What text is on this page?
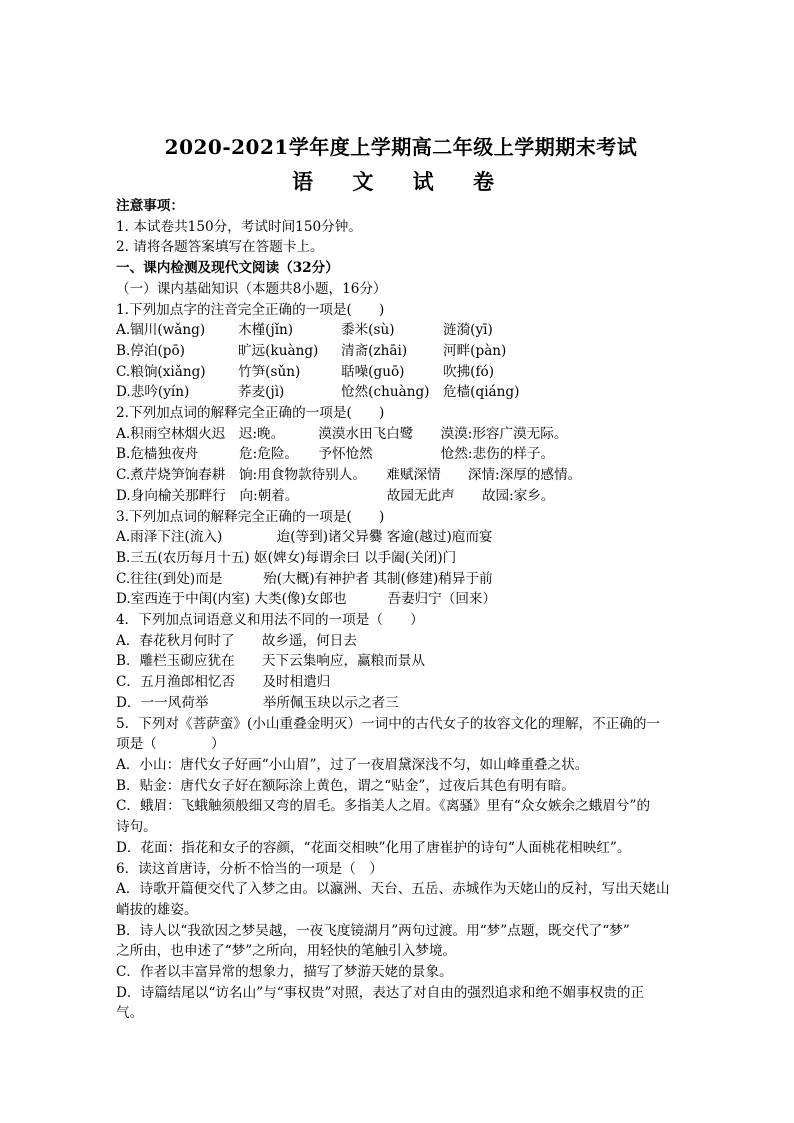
2020-2021学年度上学期高二年级上学期期末考试
语 文 试 卷
注意事项：
1. 本试卷共150分，考试时间150分钟。
2. 请将各题答案填写在答题卡上。
一、课内检测及现代文阅读（32分）
（一）课内基础知识（本题共8小题，16分）
1.下列加点字的注音完全正确的一项是(　　)
A.锢川(wǎng)	木槿(jǐn)	黍米(sù)	涟漪(yī)
B.停泊(pō)	旷远(kuàng)	清斋(zhāi)	河畔(pàn)
C.粮饷(xiǎng)	竹笋(sǔn)	聒噪(guō)	吹拂(fó)
D.悲吟(yín)	荞麦(jì)	怆然(chuàng) 危樯(qiáng)
2.下列加点词的解释完全正确的一项是(　　)
A.积雨空林烟火迟　迟:晚。　　　漠漠水田飞白鹭　　漠漠:形容广漠无际。
B.危樯独夜舟　　　危:危险。　　予怀怆然　　　　　怆然:悲伤的样子。
C.煮芹烧笋饷春耕　饷:用食物款待别人。　　难赋深情　　深情:深厚的感情。
D.身向榆关那畔行　向:朝着。　　　　　　　故园无此声　　故园:家乡。
3.下列加点词的解释完全正确的一项是(　　)
A.雨泽下注(流入)　　　　迨(等到)诸父异爨 客逾(越过)庖而宴
B.三五(农历每月十五) 妪(婢女)每谓余曰 以手阖(关闭)门
C.往往(到处)而是　　　殆(大概)有神护者 其制(修建)稍异于前
D.室西连于中闺(内室) 大类(像)女郎也　　　吾妻归宁（回来）
4．下列加点词语意义和用法不同的一项是（　　）
A．春花秋月何时了　　故乡遥，何日去
B．雕栏玉砌应犹在　　天下云集响应，赢粮而景从
C．五月渔郎相忆否　　及时相遣归
D．一一风荷举　　　　举所佩玉玦以示之者三
5．下列对《菩萨蛮》(小山重叠金明灭）一词中的古代女子的妆容文化的理解，不正确的一
项是（　　　　）
A．小山：唐代女子好画“小山眉”，过了一夜眉黛深浅不匀，如山峰重叠之状。
B．贴金：唐代女子好在额际涂上黄色，谓之“贴金”，过夜后其色有明有暗。
C．蛾眉：飞蛾触须般细又弯的眉毛。多指美人之眉。《离骚》里有“众女嫉余之蛾眉兮”的
诗句。
D．花面：指花和女子的容颜，“花面交相映”化用了唐崔护的诗句“人面桃花相映红”。
6．读这首唐诗，分析不恰当的一项是（　）
A．诗歌开篇便交代了入梦之由。以瀛洲、天台、五岳、赤城作为天姥山的反衬，写出天姥山
峭拔的雄姿。
B．诗人以“我欲因之梦吴越，一夜飞度镜湖月”两句过渡。用“梦”点题，既交代了“梦”
之所由，也申述了“梦”之所向，用轻快的笔触引入梦境。
C．作者以丰富异常的想象力，描写了梦游天姥的景象。
D．诗篇结尾以“访名山”与“事权贵”对照，表达了对自由的强烈追求和绝不媚事权贵的正
气。
